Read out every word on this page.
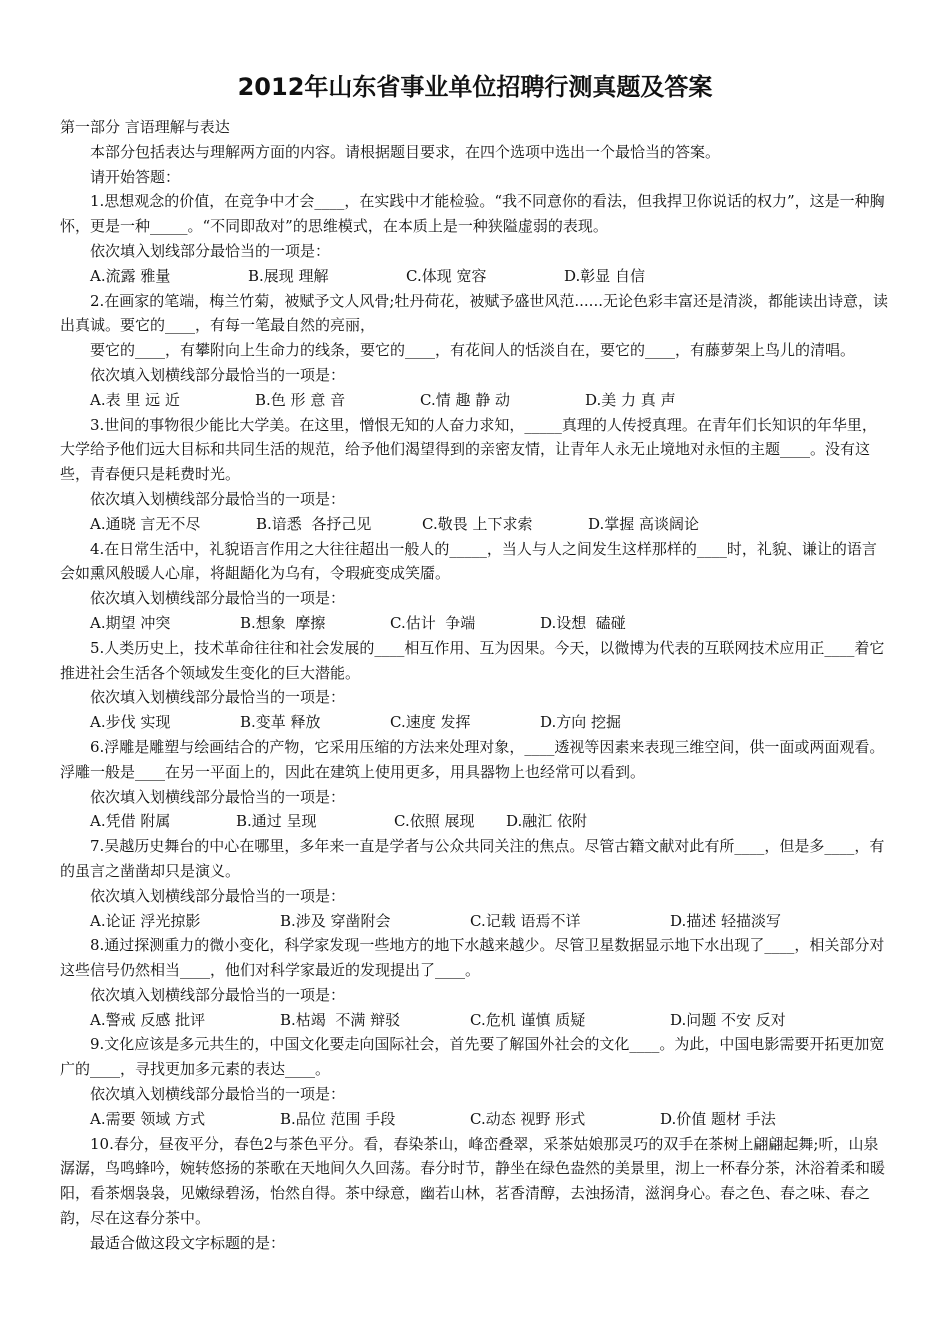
2012年山东省事业单位招聘行测真题及答案

第一部分 言语理解与表达

本部分包括表达与理解两方面的内容。请根据题目要求，在四个选项中选出一个最恰当的答案。

请开始答题：

1.思想观念的价值，在竞争中才会____，在实践中才能检验。“我不同意你的看法，但我捍卫你说话的权力”，这是一种胸怀，更是一种_____。“不同即敌对”的思维模式，在本质上是一种狭隘虚弱的表现。

依次填入划线部分最恰当的一项是：

A.流露 雅量	B.展现 理解	C.体现 宽容	D.彰显 自信

2.在画家的笔端，梅兰竹菊，被赋予文人风骨;牡丹荷花，被赋予盛世风范......无论色彩丰富还是清淡，都能读出诗意，读出真诚。要它的____，有每一笔最自然的亮丽，

要它的____，有攀附向上生命力的线条，要它的____，有花间人的恬淡自在，要它的____，有藤萝架上鸟儿的清唱。

依次填入划横线部分最恰当的一项是：

A.表 里 远 近	B.色 形 意 音	C.情 趣 静 动	D.美 力 真 声

3.世间的事物很少能比大学美。在这里，憎恨无知的人奋力求知，_____真理的人传授真理。在青年们长知识的年华里，大学给予他们远大目标和共同生活的规范，给予他们渴望得到的亲密友情，让青年人永无止境地对永恒的主题____。没有这些，青春便只是耗费时光。

依次填入划横线部分最恰当的一项是：

A.通晓 言无不尽	B.谙悉  各抒己见	C.敬畏 上下求索	D.掌握 高谈阔论

4.在日常生活中，礼貌语言作用之大往往超出一般人的_____，当人与人之间发生这样那样的____时，礼貌、谦让的语言会如熏风般暖人心扉，将龃龉化为乌有，令瑕疵变成笑靥。

依次填入划横线部分最恰当的一项是：

A.期望 冲突	B.想象  摩擦	C.估计  争端	D.设想  磕碰

5.人类历史上，技术革命往往和社会发展的____相互作用、互为因果。今天，以微博为代表的互联网技术应用正____着它推进社会生活各个领域发生变化的巨大潜能。

依次填入划横线部分最恰当的一项是：

A.步伐 实现	B.变革 释放	C.速度 发挥	D.方向 挖掘

6.浮雕是雕塑与绘画结合的产物，它采用压缩的方法来处理对象，____透视等因素来表现三维空间，供一面或两面观看。浮雕一般是____在另一平面上的，因此在建筑上使用更多，用具器物上也经常可以看到。

依次填入划横线部分最恰当的一项是：

A.凭借 附属	B.通过 呈现	C.依照 展现	D.融汇 依附

7.吴越历史舞台的中心在哪里，多年来一直是学者与公众共同关注的焦点。尽管古籍文献对此有所____，但是多____，有的虽言之凿凿却只是演义。

依次填入划横线部分最恰当的一项是：

A.论证 浮光掠影	B.涉及 穿凿附会	C.记载 语焉不详	D.描述 轻描淡写

8.通过探测重力的微小变化，科学家发现一些地方的地下水越来越少。尽管卫星数据显示地下水出现了____，相关部分对这些信号仍然相当____，他们对科学家最近的发现提出了____。

依次填入划横线部分最恰当的一项是：

A.警戒 反感 批评	B.枯竭  不满 辩驳	C.危机 谨慎 质疑	D.问题 不安 反对

9.文化应该是多元共生的，中国文化要走向国际社会，首先要了解国外社会的文化____。为此，中国电影需要开拓更加宽广的____，寻找更加多元素的表达____。

依次填入划横线部分最恰当的一项是：

A.需要 领域 方式	B.品位 范围 手段	C.动态 视野 形式	D.价值 题材 手法

10.春分，昼夜平分，春色2与茶色平分。看，春染茶山，峰峦叠翠，采茶姑娘那灵巧的双手在茶树上翩翩起舞;听，山泉潺潺，鸟鸣蜂吟，婉转悠扬的茶歌在天地间久久回荡。春分时节，静坐在绿色盎然的美景里，沏上一杯春分茶，沐浴着柔和暖阳，看茶烟袅袅，见嫩绿碧汤，怡然自得。茶中绿意，幽若山林，茗香清醇，去浊扬清，滋润身心。春之色、春之味、春之韵，尽在这春分茶中。

最适合做这段文字标题的是：
